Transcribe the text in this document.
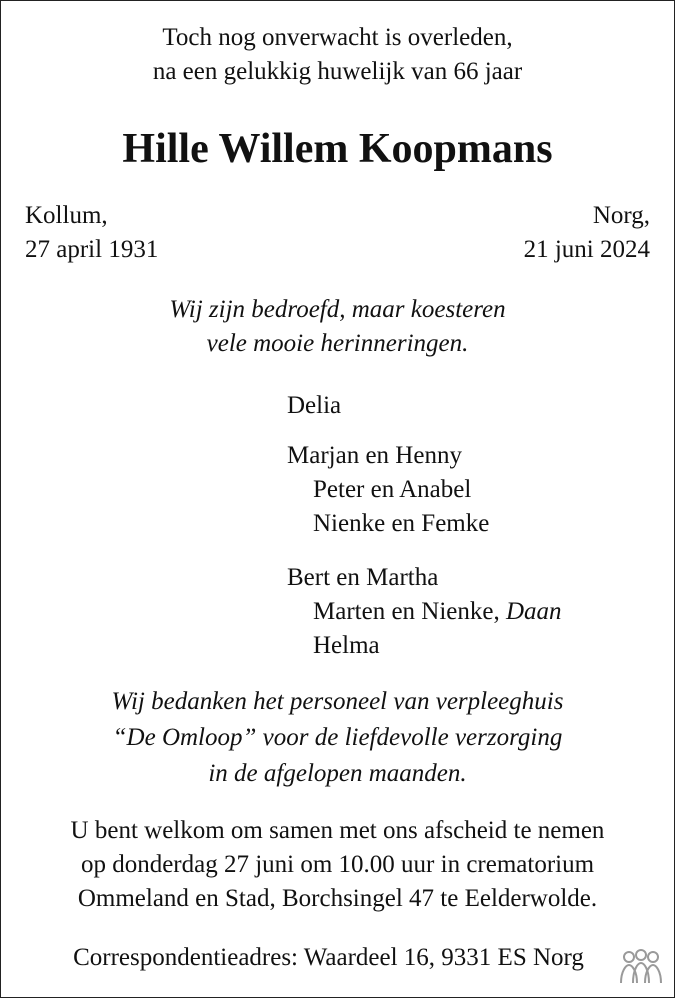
Toch nog onverwacht is overleden,
na een gelukkig huwelijk van 66 jaar
Hille Willem Koopmans
Kollum,
27 april 1931
Norg,
21 juni 2024
Wij zijn bedroefd, maar koesteren
vele mooie herinneringen.
Delia
Marjan en Henny
Peter en Anabel
Nienke en Femke
Bert en Martha
Marten en Nienke, Daan
Helma
Wij bedanken het personeel van verpleeghuis
“De Omloop” voor de liefdevolle verzorging
in de afgelopen maanden.
U bent welkom om samen met ons afscheid te nemen
op donderdag 27 juni om 10.00 uur in crematorium
Ommeland en Stad, Borchsingel 47 te Eelderwolde.
Correspondentieadres: Waardeel 16, 9331 ES Norg
